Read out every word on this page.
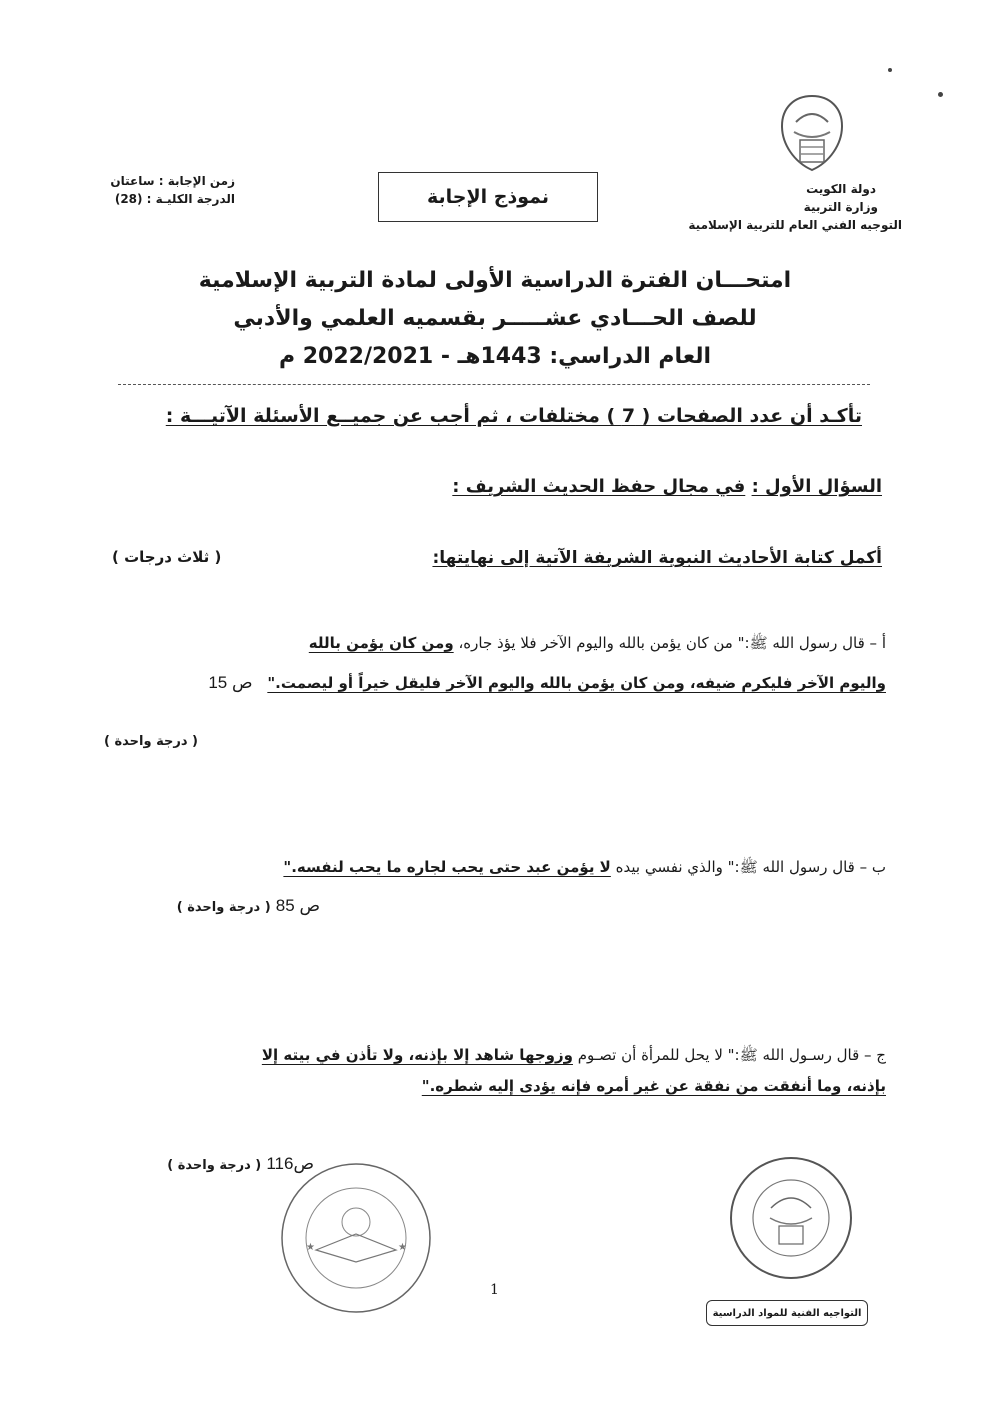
دولة الكويت
وزارة التربية
التوجيه الفني العام للتربية الإسلامية
نموذج الإجابة
زمن الإجابة : ساعتان
الدرجة الكليـة : (28)
امتحـــان الفترة الدراسية الأولى لمادة التربية الإسلامية
للصف الحـــادي عشـــــر بقسميه العلمي والأدبي
العام الدراسي: 1443هـ - 2022/2021 م
تأكـد أن عدد الصفحات ( 7 ) مختلفات ، ثم أجب عن جميــع الأسئلة الآتيـــة :
السؤال الأول : في مجال حفظ الحديث الشريف :
أكمل كتابة الأحاديث النبوية الشريفة الآتية إلى نهايتها:
( ثلاث درجات )
أ – قال رسول الله ﷺ:" من كان يؤمن بالله واليوم الآخر فلا يؤذ جاره، ومن كان يؤمن بالله
واليوم الآخر فليكرم ضيفه، ومن كان يؤمن بالله واليوم الآخر فليقل خيراً أو ليصمت." ص 15
( درجة واحدة )
ب – قال رسول الله ﷺ:" والذي نفسي بيده لا يؤمن عبد حتى يحب لجاره ما يحب لنفسه."
ص 85 ( درجة واحدة )
ج – قال رسـول الله ﷺ:" لا يحل للمرأة أن تصـوم وزوجها شاهد إلا بإذنه، ولا تأذن في بيته إلا
بإذنه، وما أنفقت من نفقة عن غير أمره فإنه يؤدى إليه شطره."
ص116 ( درجة واحدة )
★	★
التواجيه الفنية للمواد الدراسية
1
